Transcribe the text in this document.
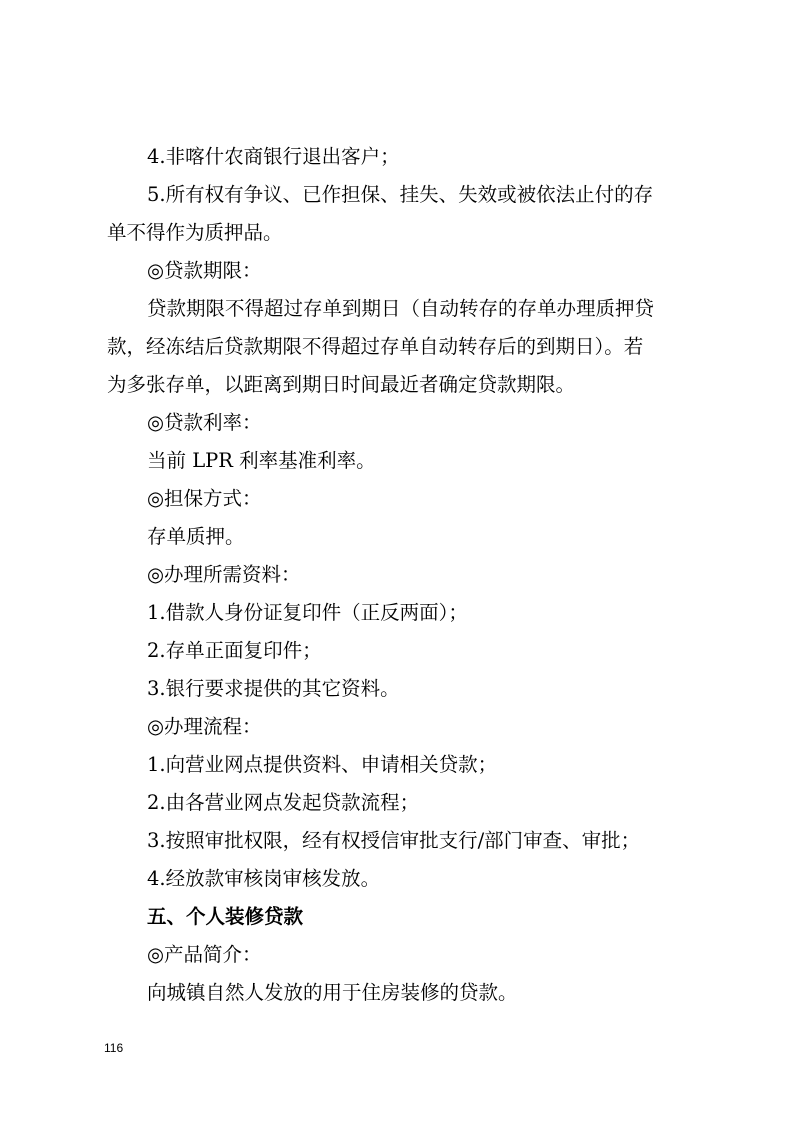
4.非喀什农商银行退出客户；
5.所有权有争议、已作担保、挂失、失效或被依法止付的存
单不得作为质押品。
◎贷款期限：
贷款期限不得超过存单到期日（自动转存的存单办理质押贷
款，经冻结后贷款期限不得超过存单自动转存后的到期日）。若
为多张存单，以距离到期日时间最近者确定贷款期限。
◎贷款利率：
当前 LPR 利率基准利率。
◎担保方式：
存单质押。
◎办理所需资料：
1.借款人身份证复印件（正反两面）；
2.存单正面复印件；
3.银行要求提供的其它资料。
◎办理流程：
1.向营业网点提供资料、申请相关贷款；
2.由各营业网点发起贷款流程；
3.按照审批权限，经有权授信审批支行/部门审查、审批；
4.经放款审核岗审核发放。
五、个人装修贷款
◎产品简介：
向城镇自然人发放的用于住房装修的贷款。
116
